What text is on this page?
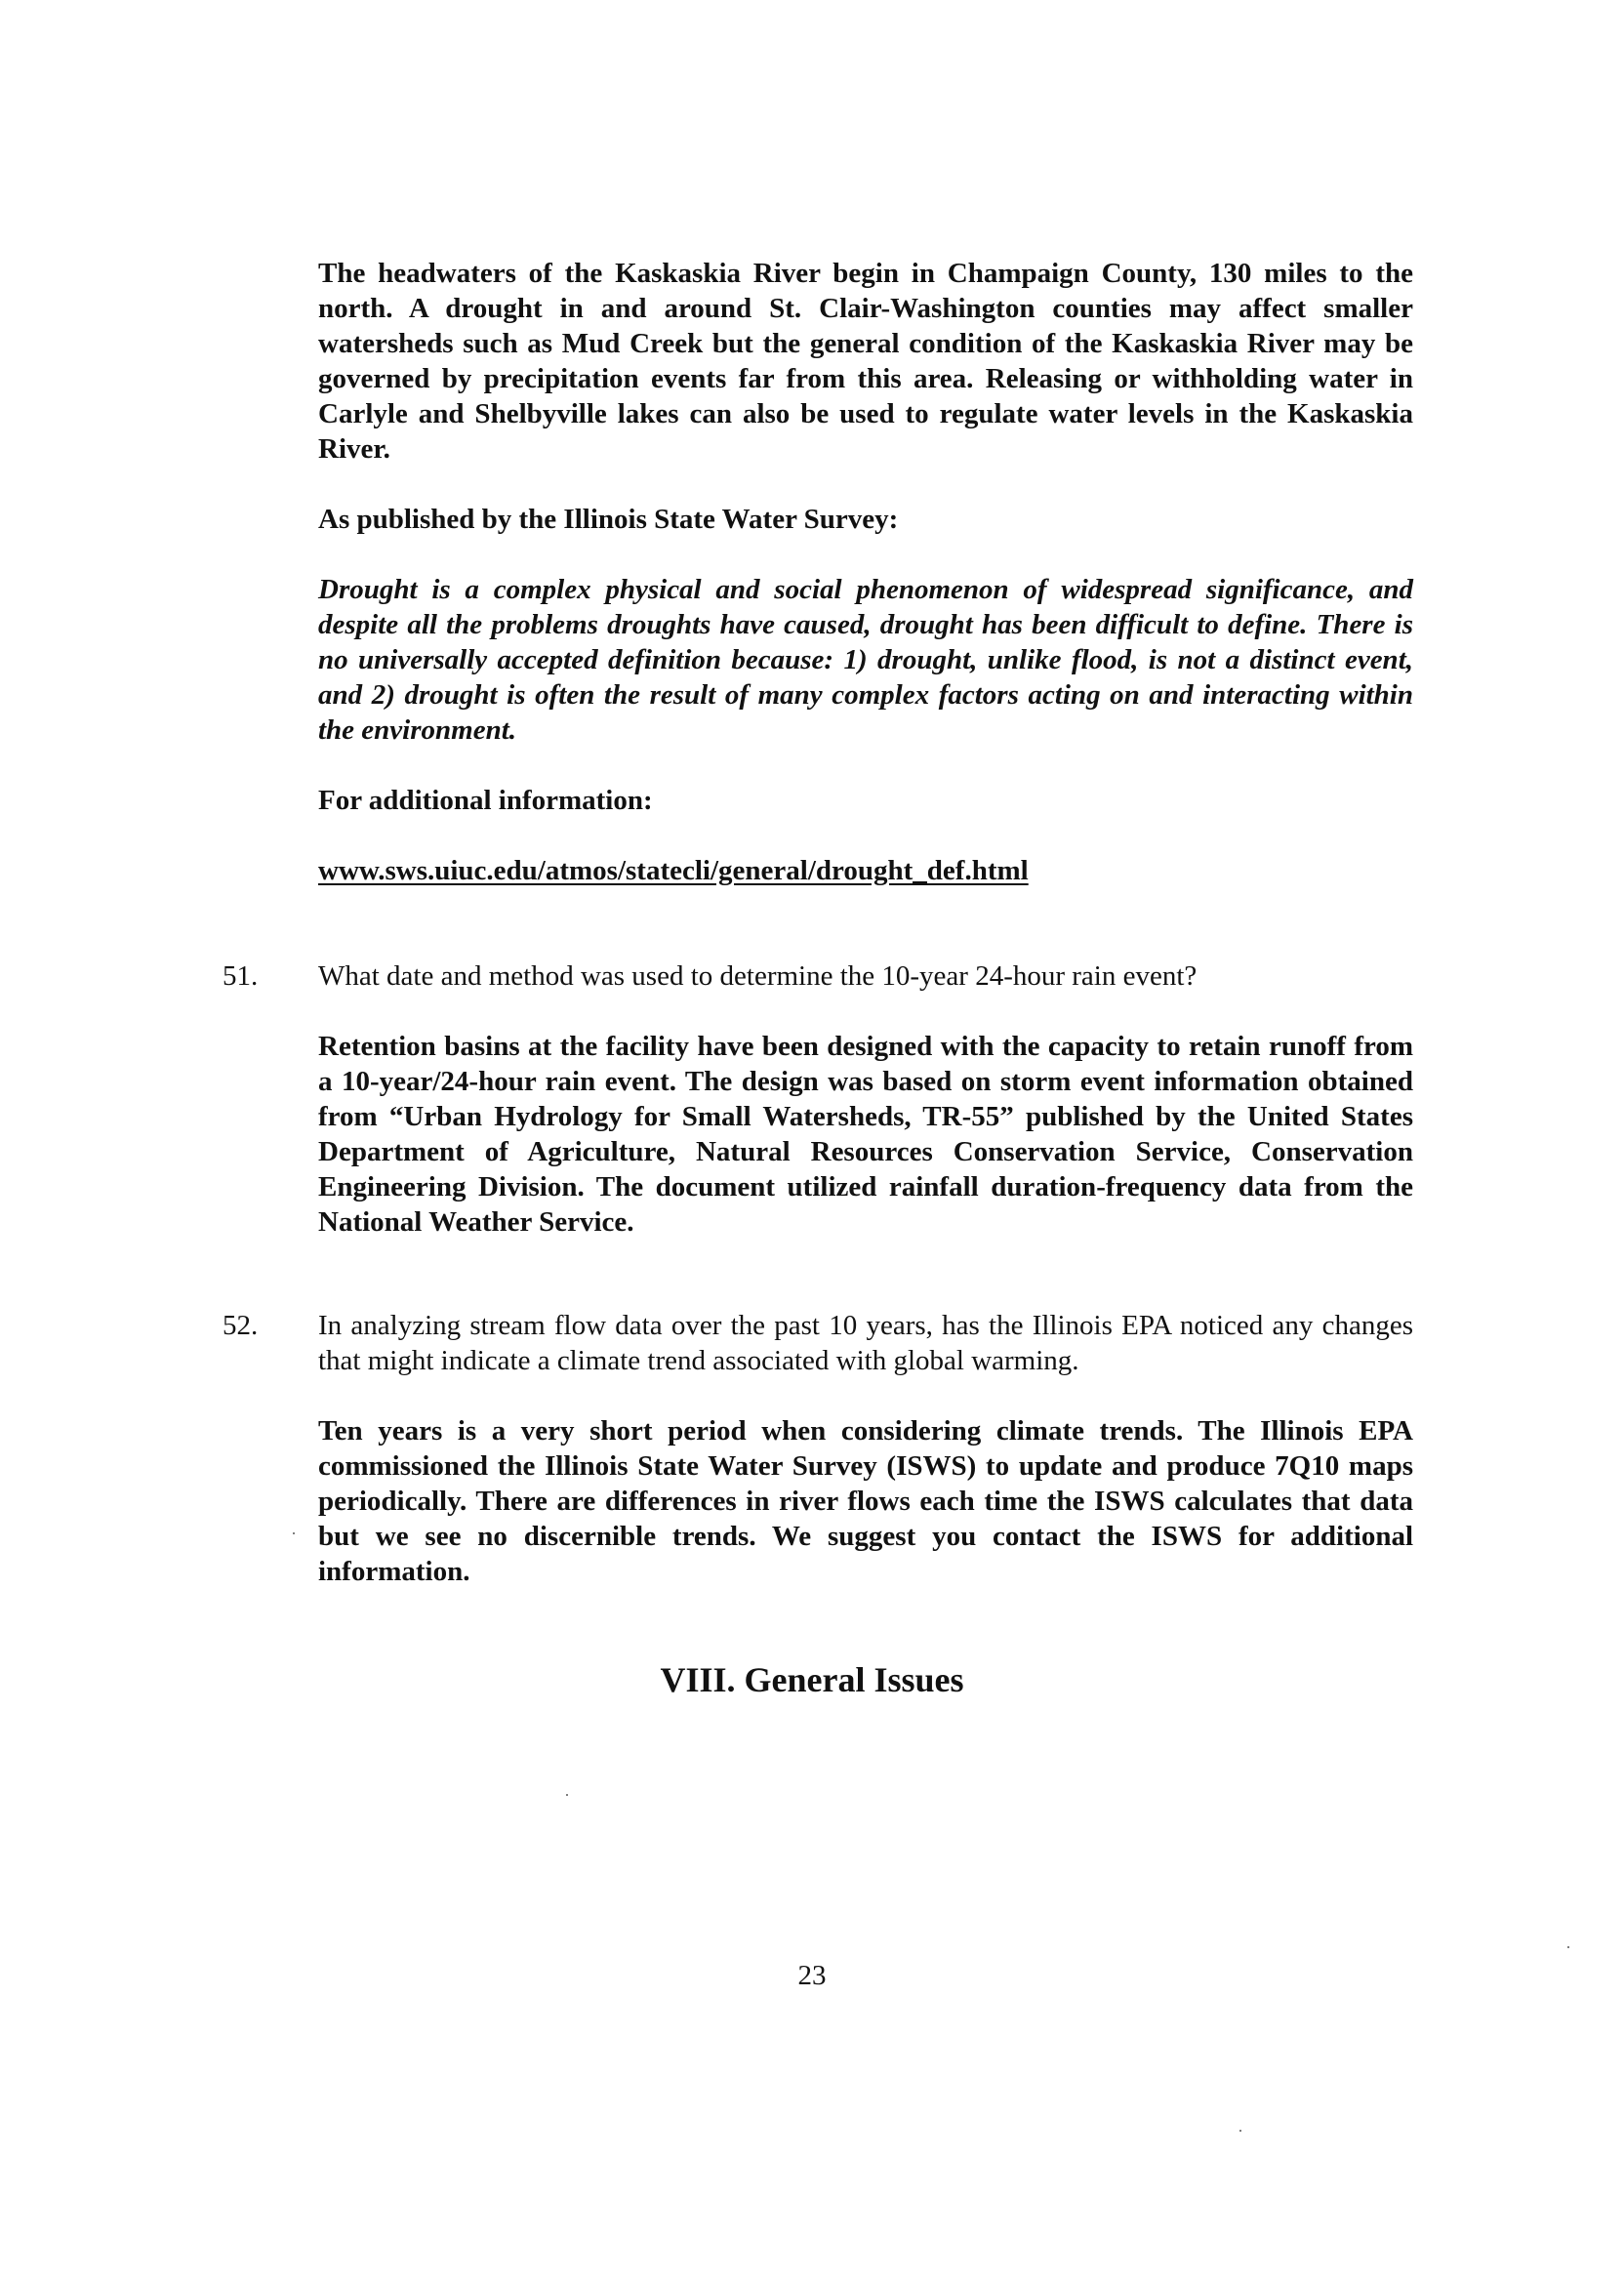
The headwaters of the Kaskaskia River begin in Champaign County, 130 miles to the north. A drought in and around St. Clair-Washington counties may affect smaller watersheds such as Mud Creek but the general condition of the Kaskaskia River may be governed by precipitation events far from this area. Releasing or withholding water in Carlyle and Shelbyville lakes can also be used to regulate water levels in the Kaskaskia River.

As published by the Illinois State Water Survey:

Drought is a complex physical and social phenomenon of widespread significance, and despite all the problems droughts have caused, drought has been difficult to define. There is no universally accepted definition because: 1) drought, unlike flood, is not a distinct event, and 2) drought is often the result of many complex factors acting on and interacting within the environment.

For additional information:

www.sws.uiuc.edu/atmos/statecli/general/drought_def.html

51. What date and method was used to determine the 10-year 24-hour rain event?

Retention basins at the facility have been designed with the capacity to retain runoff from a 10-year/24-hour rain event. The design was based on storm event information obtained from “Urban Hydrology for Small Watersheds, TR-55” published by the United States Department of Agriculture, Natural Resources Conservation Service, Conservation Engineering Division. The document utilized rainfall duration-frequency data from the National Weather Service.

52. In analyzing stream flow data over the past 10 years, has the Illinois EPA noticed any changes that might indicate a climate trend associated with global warming.

Ten years is a very short period when considering climate trends. The Illinois EPA commissioned the Illinois State Water Survey (ISWS) to update and produce 7Q10 maps periodically. There are differences in river flows each time the ISWS calculates that data but we see no discernible trends. We suggest you contact the ISWS for additional information.

VIII. General Issues

23
